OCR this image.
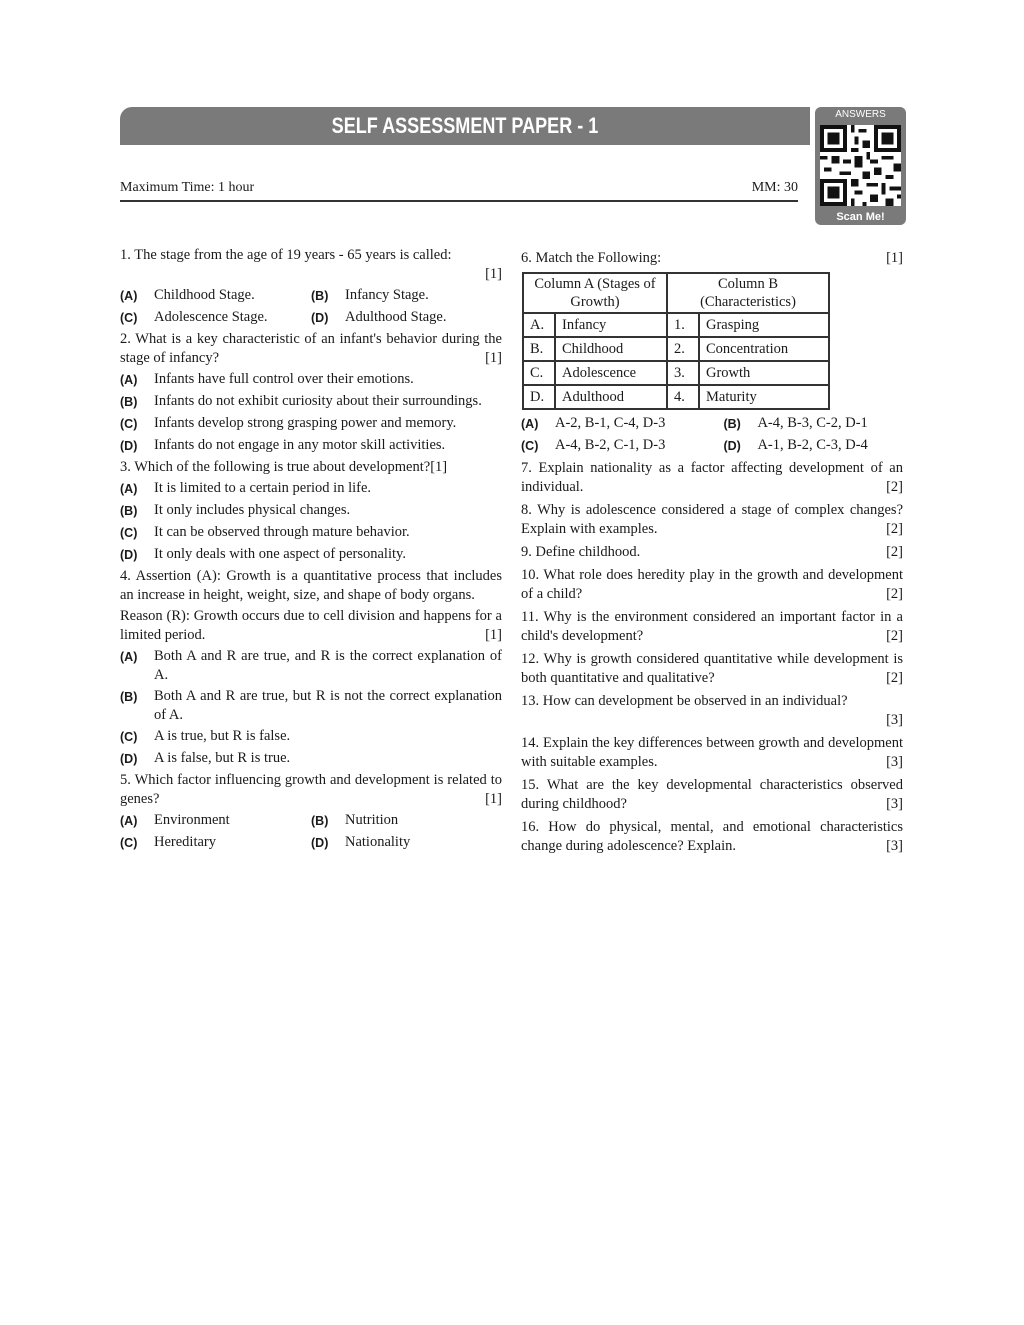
SELF ASSESSMENT PAPER - 1	ANSWERS
Scan Me!
Maximum Time: 1 hour	MM: 30
1. The stage from the age of 19 years - 65 years is called:
[1]
(A)	Childhood Stage.	(B)	Infancy Stage.
(C)	Adolescence Stage.	(D)	Adulthood Stage.
2. What is a key characteristic of an infant's behavior during the stage of infancy?	[1]
(A)	Infants have full control over their emotions.
(B)	Infants do not exhibit curiosity about their surroundings.
(C)	Infants develop strong grasping power and memory.
(D)	Infants do not engage in any motor skill activities.
3. Which of the following is true about development?[1]
(A)	It is limited to a certain period in life.
(B)	It only includes physical changes.
(C)	It can be observed through mature behavior.
(D)	It only deals with one aspect of personality.
4. Assertion (A): Growth is a quantitative process that includes an increase in height, weight, size, and shape of body organs.
Reason (R): Growth occurs due to cell division and happens for a limited period.	[1]
(A)	Both A and R are true, and R is the correct explanation of A.
(B)	Both A and R are true, but R is not the correct explanation of A.
(C)	A is true, but R is false.
(D)	A is false, but R is true.
5. Which factor influencing growth and development is related to genes?	[1]
(A)	Environment	(B)	Nutrition
(C)	Hereditary	(D)	Nationality
6. Match the Following:	[1]
Column A (Stages of Growth)		Column B (Characteristics)	
A.	Infancy	1.	Grasping
B.	Childhood	2.	Concentration
C.	Adolescence	3.	Growth
D.	Adulthood	4.	Maturity
(A)	A-2, B-1, C-4, D-3	(B)	A-4, B-3, C-2, D-1
(C)	A-4, B-2, C-1, D-3	(D)	A-1, B-2, C-3, D-4
7. Explain nationality as a factor affecting development of an individual.	[2]
8. Why is adolescence considered a stage of complex changes? Explain with examples.	[2]
9. Define childhood.	[2]
10. What role does heredity play in the growth and development of a child?	[2]
11. Why is the environment considered an important factor in a child's development?	[2]
12. Why is growth considered quantitative while development is both quantitative and qualitative?	[2]
13. How can development be observed in an individual?
[3]
14. Explain the key differences between growth and development with suitable examples.	[3]
15. What are the key developmental characteristics observed during childhood?	[3]
16. How do physical, mental, and emotional characteristics change during adolescence? Explain.	[3]
